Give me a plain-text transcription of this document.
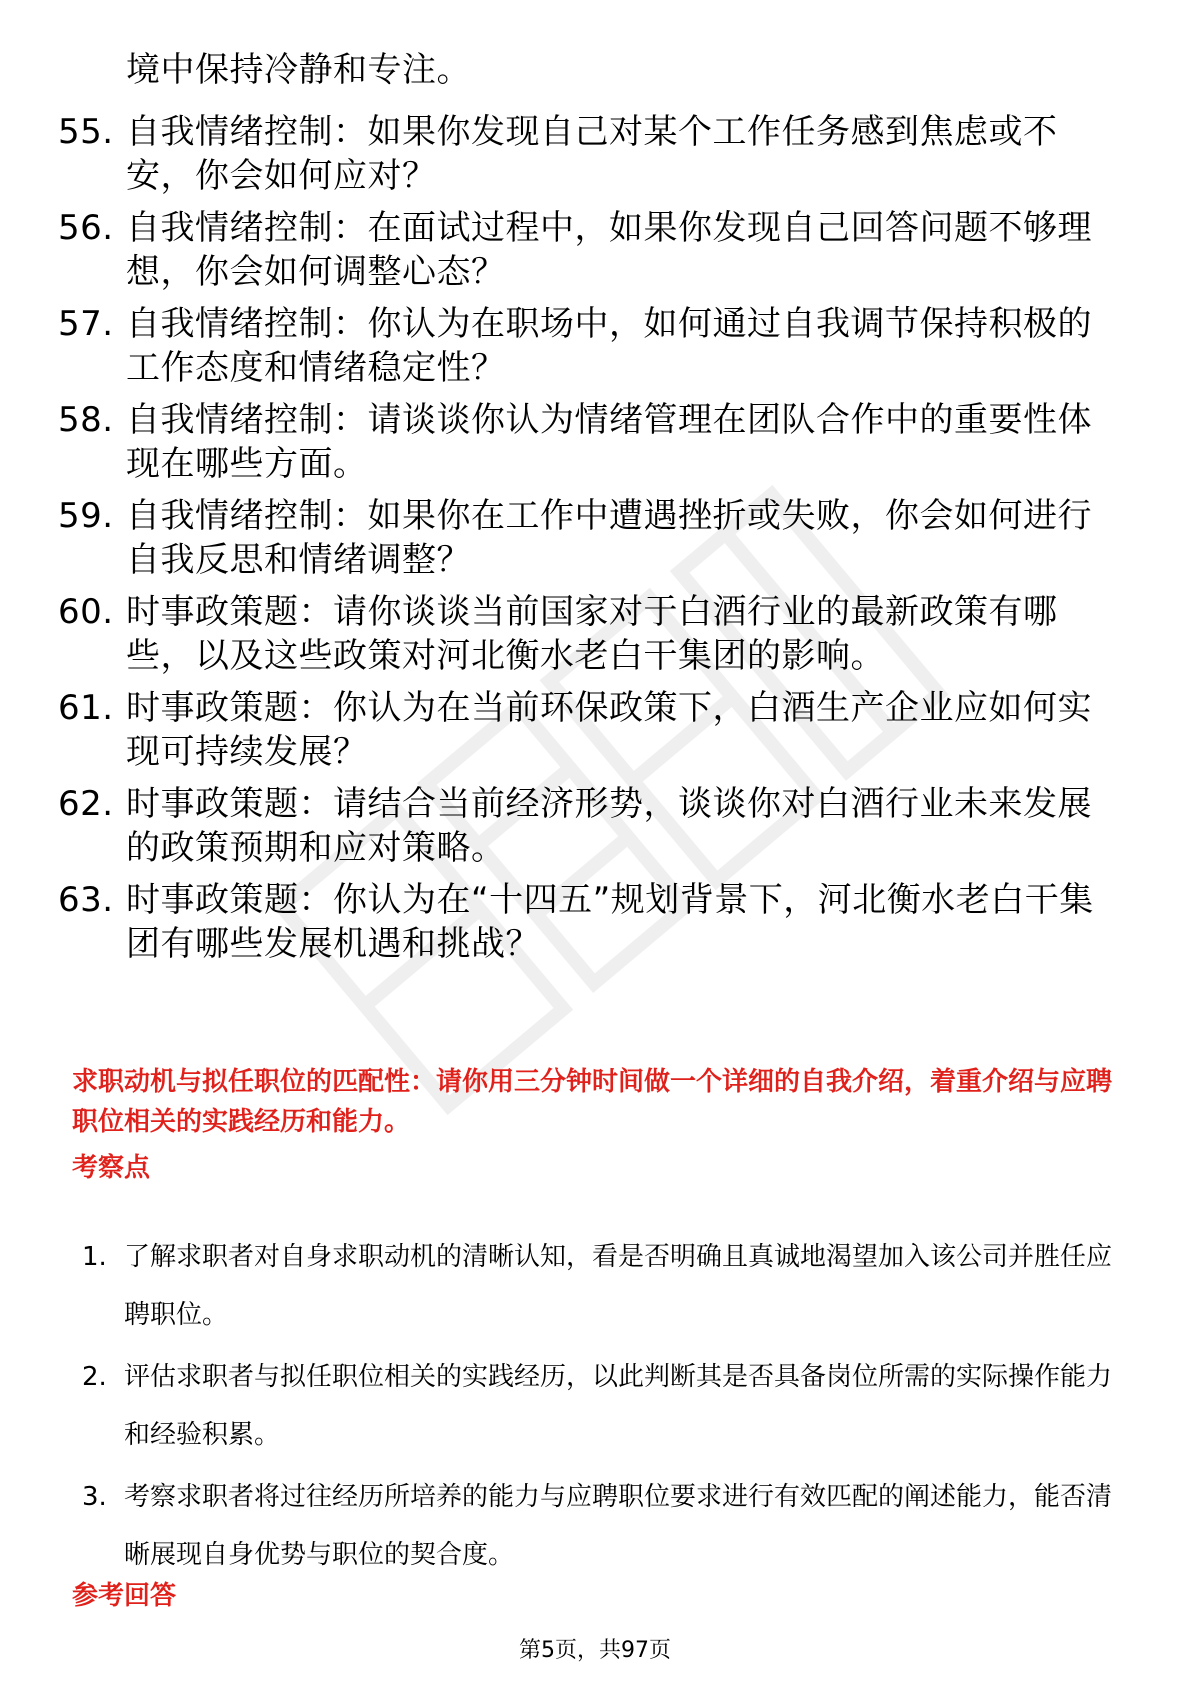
境中保持冷静和专注。
55. 自我情绪控制：如果你发现自己对某个工作任务感到焦虑或不安，你会如何应对？
56. 自我情绪控制：在面试过程中，如果你发现自己回答问题不够理想，你会如何调整心态？
57. 自我情绪控制：你认为在职场中，如何通过自我调节保持积极的工作态度和情绪稳定性？
58. 自我情绪控制：请谈谈你认为情绪管理在团队合作中的重要性体现在哪些方面。
59. 自我情绪控制：如果你在工作中遭遇挫折或失败，你会如何进行自我反思和情绪调整？
60. 时事政策题：请你谈谈当前国家对于白酒行业的最新政策有哪些，以及这些政策对河北衡水老白干集团的影响。
61. 时事政策题：你认为在当前环保政策下，白酒生产企业应如何实现可持续发展？
62. 时事政策题：请结合当前经济形势，谈谈你对白酒行业未来发展的政策预期和应对策略。
63. 时事政策题：你认为在“十四五”规划背景下，河北衡水老白干集团有哪些发展机遇和挑战？
求职动机与拟任职位的匹配性：请你用三分钟时间做一个详细的自我介绍，着重介绍与应聘职位相关的实践经历和能力。
考察点
1. 了解求职者对自身求职动机的清晰认知，看是否明确且真诚地渴望加入该公司并胜任应聘职位。
2. 评估求职者与拟任职位相关的实践经历，以此判断其是否具备岗位所需的实际操作能力和经验积累。
3. 考察求职者将过往经历所培养的能力与应聘职位要求进行有效匹配的阐述能力，能否清晰展现自身优势与职位的契合度。
参考回答
第5页，共97页
